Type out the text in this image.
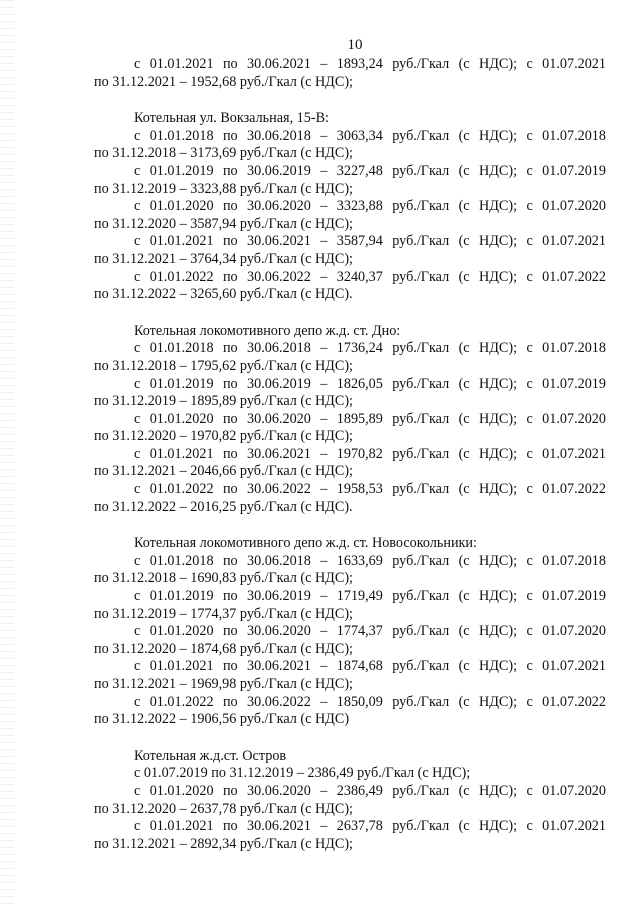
10
с 01.01.2021 по 30.06.2021 – 1893,24 руб./Гкал (с НДС); с 01.07.2021
по 31.12.2021 – 1952,68 руб./Гкал (с НДС);
Котельная ул. Вокзальная, 15-В:
с 01.01.2018 по 30.06.2018 – 3063,34 руб./Гкал (с НДС); с 01.07.2018
по 31.12.2018 – 3173,69 руб./Гкал (с НДС);
с 01.01.2019 по 30.06.2019 – 3227,48 руб./Гкал (с НДС); с 01.07.2019
по 31.12.2019 – 3323,88 руб./Гкал (с НДС);
с 01.01.2020 по 30.06.2020 – 3323,88 руб./Гкал (с НДС); с 01.07.2020
по 31.12.2020 – 3587,94 руб./Гкал (с НДС);
с 01.01.2021 по 30.06.2021 – 3587,94 руб./Гкал (с НДС); с 01.07.2021
по 31.12.2021 – 3764,34 руб./Гкал (с НДС);
с 01.01.2022 по 30.06.2022 – 3240,37 руб./Гкал (с НДС); с 01.07.2022
по 31.12.2022 – 3265,60 руб./Гкал (с НДС).
Котельная локомотивного депо ж.д. ст. Дно:
с 01.01.2018 по 30.06.2018 – 1736,24 руб./Гкал (с НДС); с 01.07.2018
по 31.12.2018 – 1795,62 руб./Гкал (с НДС);
с 01.01.2019 по 30.06.2019 – 1826,05 руб./Гкал (с НДС); с 01.07.2019
по 31.12.2019 – 1895,89 руб./Гкал (с НДС);
с 01.01.2020 по 30.06.2020 – 1895,89 руб./Гкал (с НДС); с 01.07.2020
по 31.12.2020 – 1970,82 руб./Гкал (с НДС);
с 01.01.2021 по 30.06.2021 – 1970,82 руб./Гкал (с НДС); с 01.07.2021
по 31.12.2021 – 2046,66 руб./Гкал (с НДС);
с 01.01.2022 по 30.06.2022 – 1958,53 руб./Гкал (с НДС); с 01.07.2022
по 31.12.2022 – 2016,25 руб./Гкал (с НДС).
Котельная локомотивного депо ж.д. ст. Новосокольники:
с 01.01.2018 по 30.06.2018 – 1633,69 руб./Гкал (с НДС); с 01.07.2018
по 31.12.2018 – 1690,83 руб./Гкал (с НДС);
с 01.01.2019 по 30.06.2019 – 1719,49 руб./Гкал (с НДС); с 01.07.2019
по 31.12.2019 – 1774,37 руб./Гкал (с НДС);
с 01.01.2020 по 30.06.2020 – 1774,37 руб./Гкал (с НДС); с 01.07.2020
по 31.12.2020 – 1874,68 руб./Гкал (с НДС);
с 01.01.2021 по 30.06.2021 – 1874,68 руб./Гкал (с НДС); с 01.07.2021
по 31.12.2021 – 1969,98 руб./Гкал (с НДС);
с 01.01.2022 по 30.06.2022 – 1850,09 руб./Гкал (с НДС); с 01.07.2022
по 31.12.2022 – 1906,56 руб./Гкал (с НДС)
Котельная ж.д.ст. Остров
с 01.07.2019 по 31.12.2019 – 2386,49 руб./Гкал (с НДС);
с 01.01.2020 по 30.06.2020 – 2386,49 руб./Гкал (с НДС); с 01.07.2020
по 31.12.2020 – 2637,78 руб./Гкал (с НДС);
с 01.01.2021 по 30.06.2021 – 2637,78 руб./Гкал (с НДС); с 01.07.2021
по 31.12.2021 – 2892,34 руб./Гкал (с НДС);
